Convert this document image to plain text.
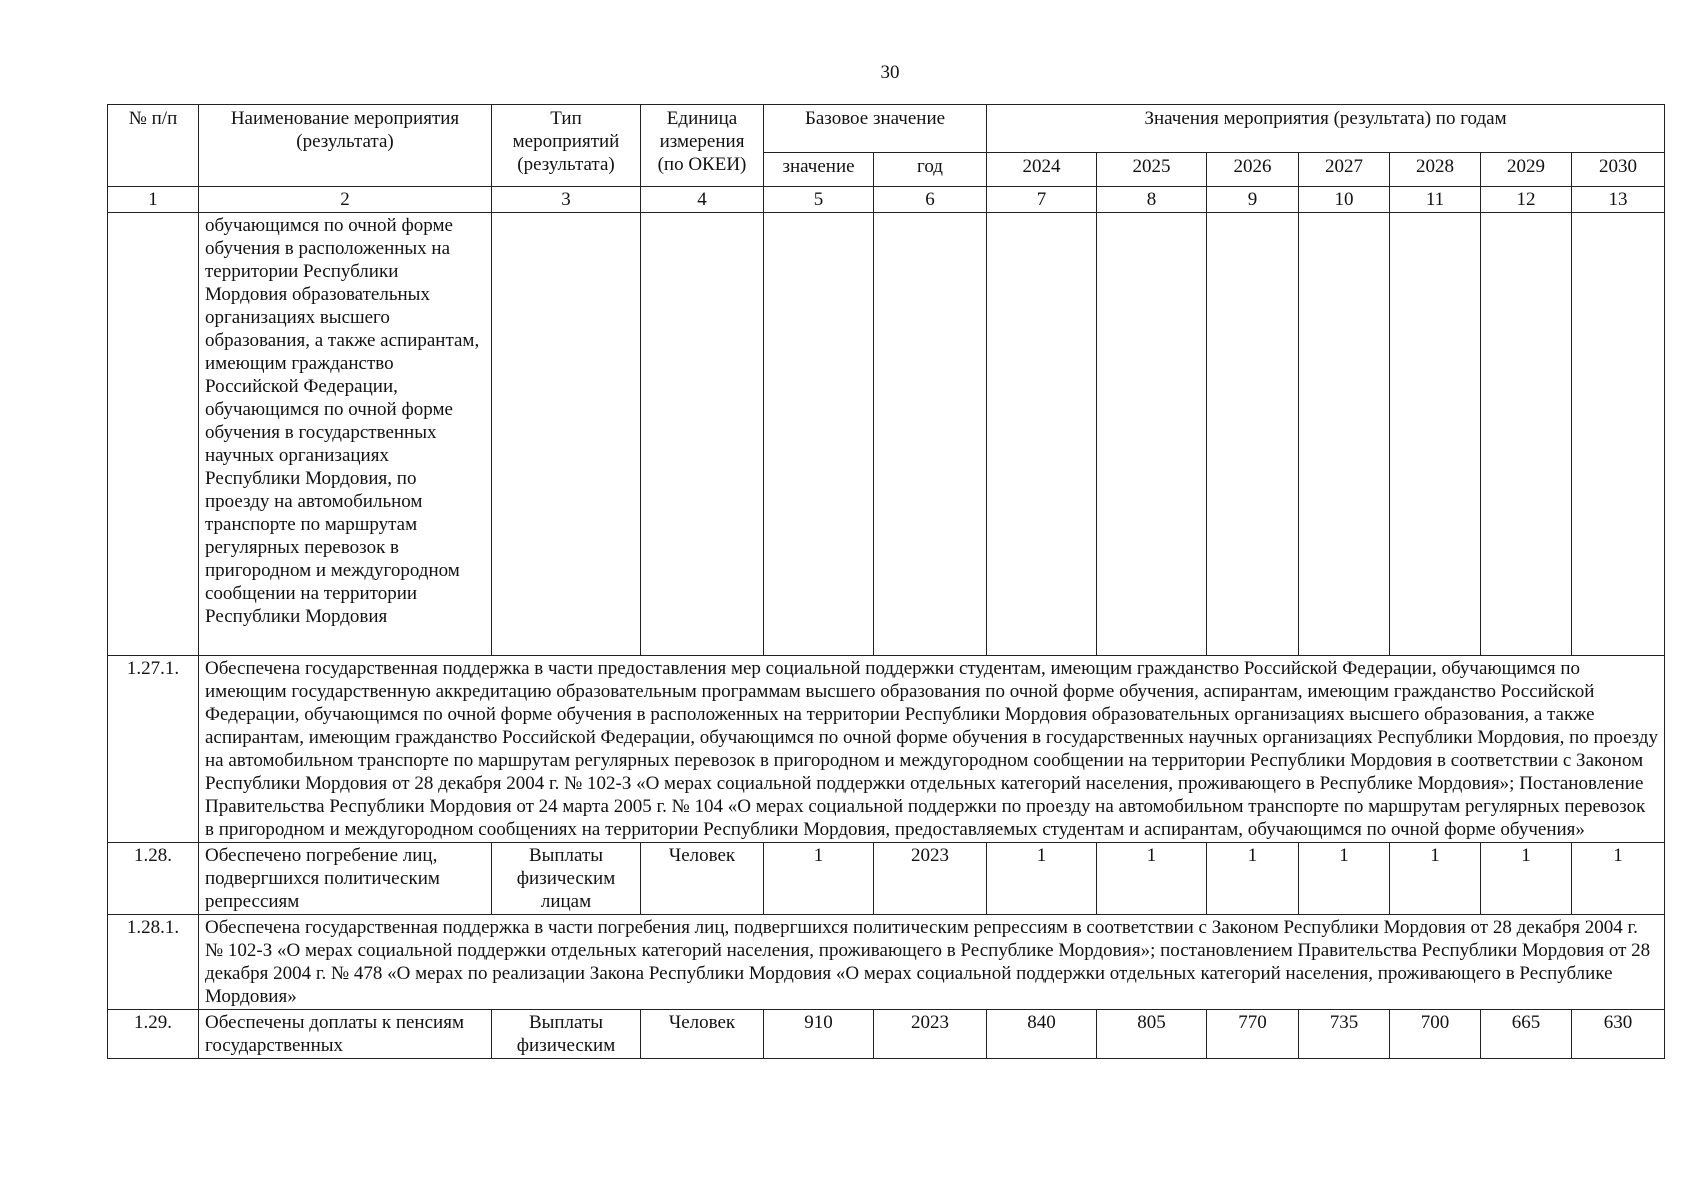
30
№ п/п	Наименование мероприятия (результата)	Тип мероприятий (результата)	Единица измерения (по ОКЕИ)	Базовое значение		Значения мероприятия (результата) по годам						
				значение	год	2024	2025	2026	2027	2028	2029	2030
1	2	3	4	5	6	7	8	9	10	11	12	13
	обучающимся по очной форме обучения в расположенных на территории Республики Мордовия образовательных организациях высшего образования, а также аспирантам, имеющим гражданство Российской Федерации, обучающимся по очной форме обучения в государственных научных организациях Республики Мордовия, по проезду на автомобильном транспорте по маршрутам регулярных перевозок в пригородном и междугородном сообщении на территории Республики Мордовия											
1.27.1.	Обеспечена государственная поддержка в части предоставления мер социальной поддержки студентам, имеющим гражданство Российской Федерации, обучающимся по имеющим государственную аккредитацию образовательным программам высшего образования по очной форме обучения, аспирантам, имеющим гражданство Российской Федерации, обучающимся по очной форме обучения в расположенных на территории Республики Мордовия образовательных организациях высшего образования, а также аспирантам, имеющим гражданство Российской Федерации, обучающимся по очной форме обучения в государственных научных организациях Республики Мордовия, по проезду на автомобильном транспорте по маршрутам регулярных перевозок в пригородном и междугородном сообщении на территории Республики Мордовия в соответствии с Законом Республики Мордовия от 28 декабря 2004 г. № 102-З «О мерах социальной поддержки отдельных категорий населения, проживающего в Республике Мордовия»; Постановление Правительства Республики Мордовия от 24 марта 2005 г. № 104 «О мерах социальной поддержки по проезду на автомобильном транспорте по маршрутам регулярных перевозок в пригородном и междугородном сообщениях на территории Республики Мордовия, предоставляемых студентам и аспирантам, обучающимся по очной форме обучения»											
1.28.	Обеспечено погребение лиц, подвергшихся политическим репрессиям	Выплаты физическим лицам	Человек	1	2023	1	1	1	1	1	1	1
1.28.1.	Обеспечена государственная поддержка в части погребения лиц, подвергшихся политическим репрессиям в соответствии с Законом Республики Мордовия от 28 декабря 2004 г. № 102-З «О мерах социальной поддержки отдельных категорий населения, проживающего в Республике Мордовия»; постановлением Правительства Республики Мордовия от 28 декабря 2004 г. № 478 «О мерах по реализации Закона Республики Мордовия «О мерах социальной поддержки отдельных категорий населения, проживающего в Республике Мордовия»											
1.29.	Обеспечены доплаты к пенсиям государственных	Выплаты физическим	Человек	910	2023	840	805	770	735	700	665	630
